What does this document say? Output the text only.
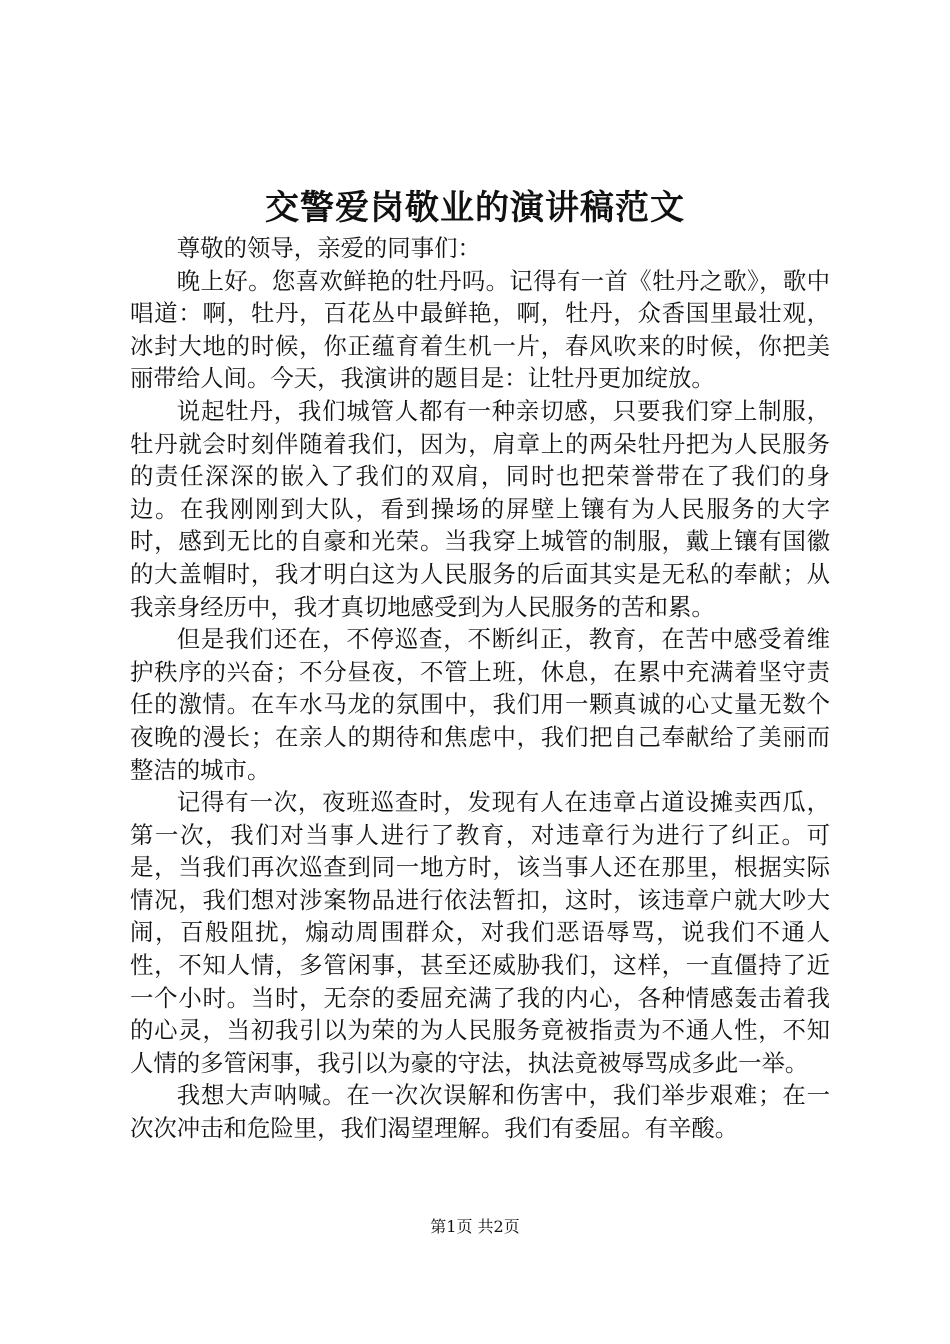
交警爱岗敬业的演讲稿范文

尊敬的领导，亲爱的同事们：

晚上好。您喜欢鲜艳的牡丹吗。记得有一首《牡丹之歌》，歌中唱道：啊，牡丹，百花丛中最鲜艳，啊，牡丹，众香国里最壮观，冰封大地的时候，你正蕴育着生机一片，春风吹来的时候，你把美丽带给人间。今天，我演讲的题目是：让牡丹更加绽放。

说起牡丹，我们城管人都有一种亲切感，只要我们穿上制服，牡丹就会时刻伴随着我们，因为，肩章上的两朵牡丹把为人民服务的责任深深的嵌入了我们的双肩，同时也把荣誉带在了我们的身边。在我刚刚到大队，看到操场的屏壁上镶有为人民服务的大字时，感到无比的自豪和光荣。当我穿上城管的制服，戴上镶有国徽的大盖帽时，我才明白这为人民服务的后面其实是无私的奉献；从我亲身经历中，我才真切地感受到为人民服务的苦和累。

但是我们还在，不停巡查，不断纠正，教育，在苦中感受着维护秩序的兴奋；不分昼夜，不管上班，休息，在累中充满着坚守责任的激情。在车水马龙的氛围中，我们用一颗真诚的心丈量无数个夜晚的漫长；在亲人的期待和焦虑中，我们把自己奉献给了美丽而整洁的城市。

记得有一次，夜班巡查时，发现有人在违章占道设摊卖西瓜，第一次，我们对当事人进行了教育，对违章行为进行了纠正。可是，当我们再次巡查到同一地方时，该当事人还在那里，根据实际情况，我们想对涉案物品进行依法暂扣，这时，该违章户就大吵大闹，百般阻扰，煽动周围群众，对我们恶语辱骂，说我们不通人性，不知人情，多管闲事，甚至还威胁我们，这样，一直僵持了近一个小时。当时，无奈的委屈充满了我的内心，各种情感轰击着我的心灵，当初我引以为荣的为人民服务竟被指责为不通人性，不知人情的多管闲事，我引以为豪的守法，执法竟被辱骂成多此一举。

我想大声呐喊。在一次次误解和伤害中，我们举步艰难；在一次次冲击和危险里，我们渴望理解。我们有委屈。有辛酸。

第1页 共2页
